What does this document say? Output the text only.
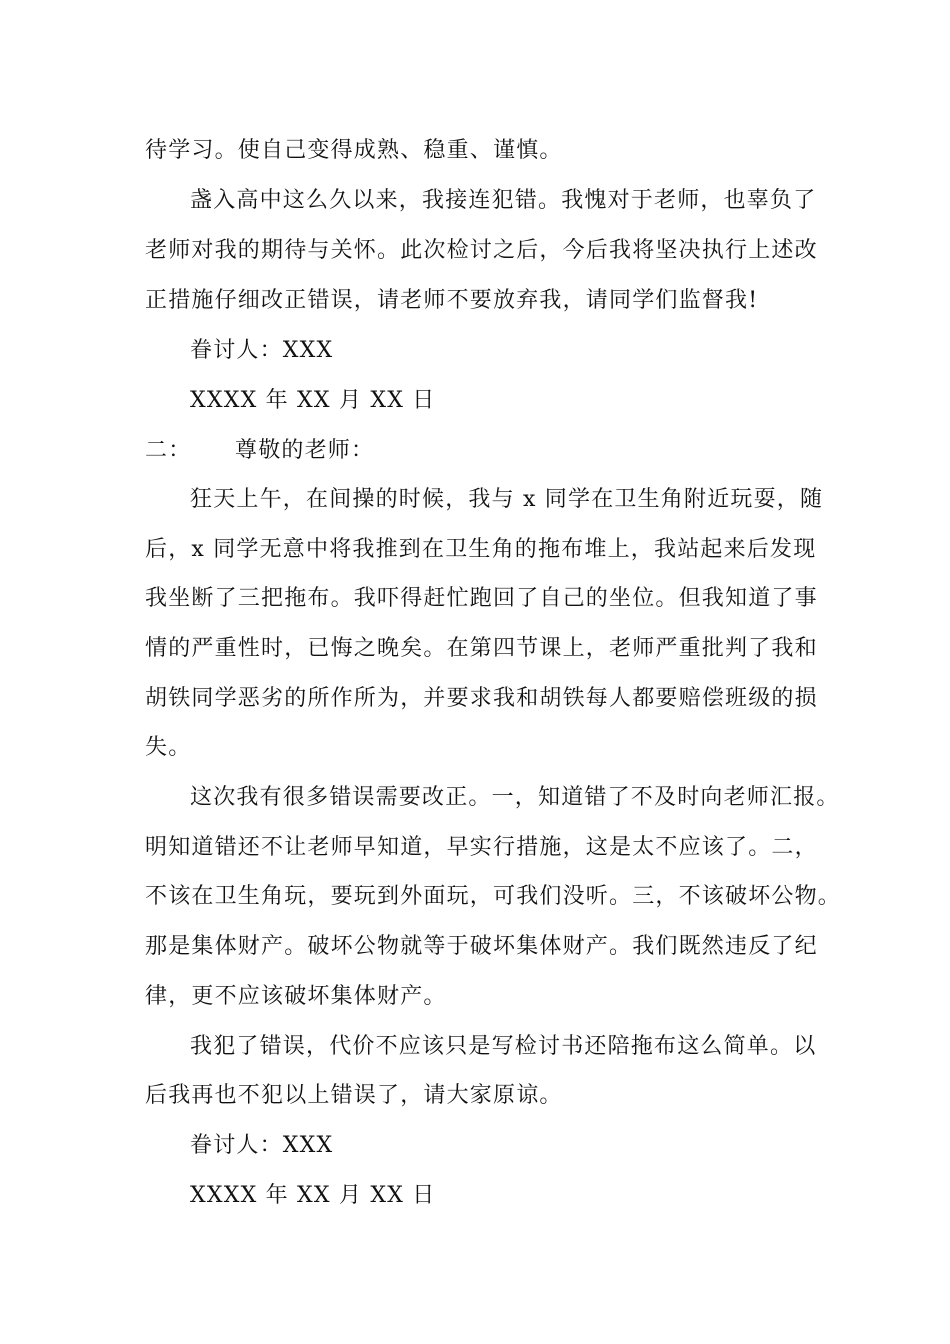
待学习。使自己变得成熟、稳重、谨慎。
盏入高中这么久以来，我接连犯错。我愧对于老师，也辜负了
老师对我的期待与关怀。此次检讨之后，今后我将坚决执行上述改
正措施仔细改正错误，请老师不要放弃我，请同学们监督我!
眷讨人：XXX
XXXX 年 XX 月 XX 日
二： 尊敬的老师：
狂天上午，在间操的时候，我与 x 同学在卫生角附近玩耍，随
后，x 同学无意中将我推到在卫生角的拖布堆上，我站起来后发现
我坐断了三把拖布。我吓得赶忙跑回了自己的坐位。但我知道了事
情的严重性时，已悔之晚矣。在第四节课上，老师严重批判了我和
胡铁同学恶劣的所作所为，并要求我和胡铁每人都要赔偿班级的损
失。
这次我有很多错误需要改正。一，知道错了不及时向老师汇报。
明知道错还不让老师早知道，早实行措施，这是太不应该了。二，
不该在卫生角玩，要玩到外面玩，可我们没听。三，不该破坏公物。
那是集体财产。破坏公物就等于破坏集体财产。我们既然违反了纪
律，更不应该破坏集体财产。
我犯了错误，代价不应该只是写检讨书还陪拖布这么简单。以
后我再也不犯以上错误了，请大家原谅。
眷讨人：XXX
XXXX 年 XX 月 XX 日
